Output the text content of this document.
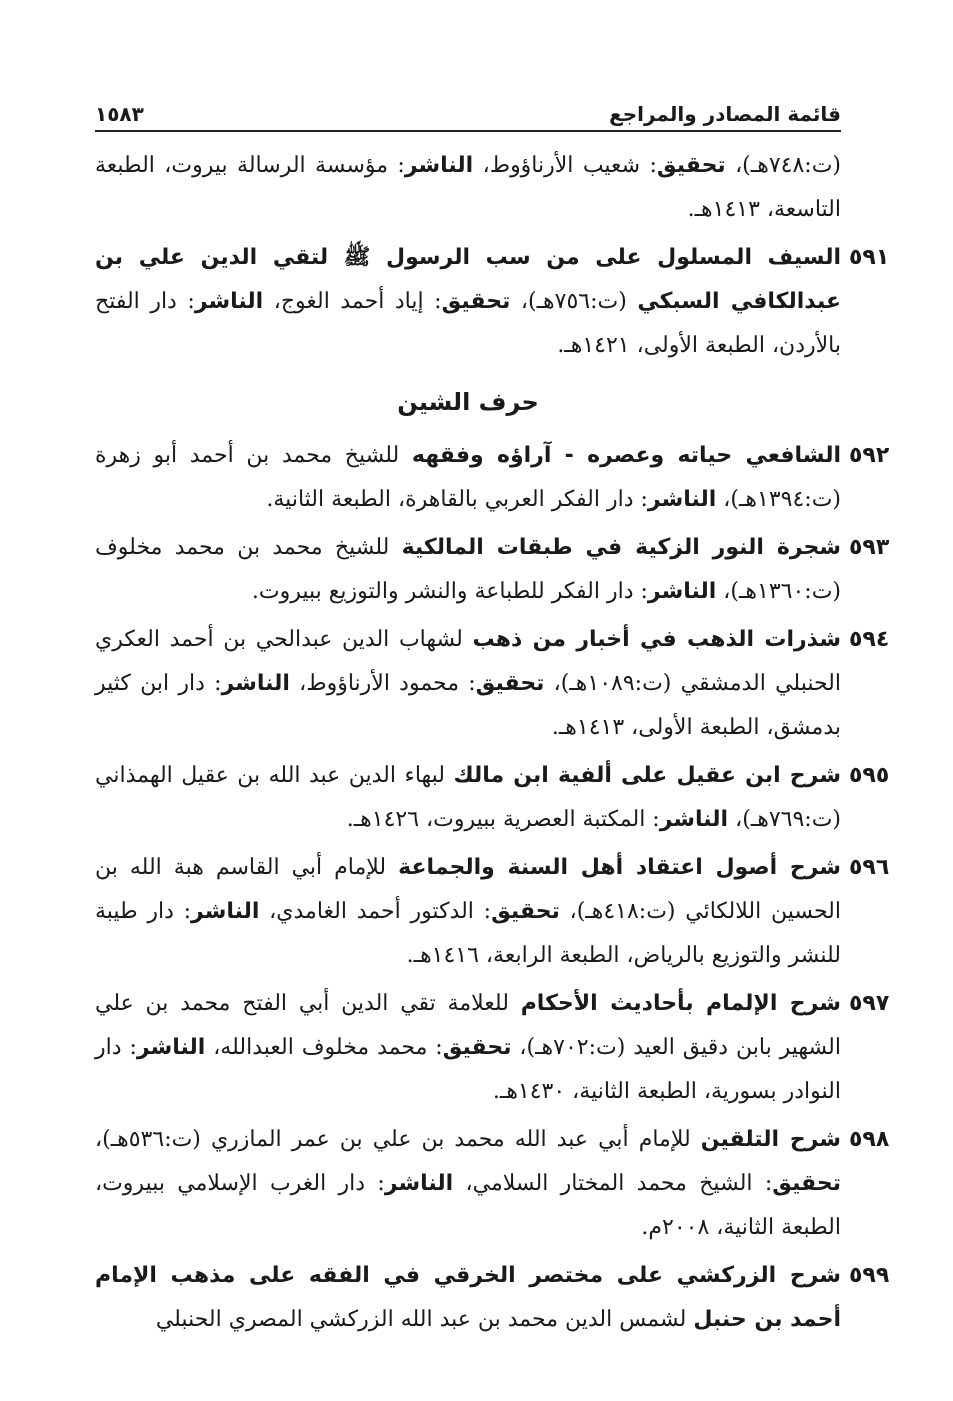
قائمة المصادر والمراجع
١٥٨٣

(ت:٧٤٨هـ)، تحقيق: شعيب الأرناؤوط، الناشر: مؤسسة الرسالة بيروت، الطبعة التاسعة، ١٤١٣هـ.

٥٩١

السيف المسلول على من سب الرسول ﷺ لتقي الدين علي بن عبدالكافي السبكي (ت:٧٥٦هـ)، تحقيق: إياد أحمد الغوج، الناشر: دار الفتح بالأردن، الطبعة الأولى، ١٤٢١هـ.

حرف الشين
٥٩٢

الشافعي حياته وعصره - آراؤه وفقهه للشيخ محمد بن أحمد أبو زهرة (ت:١٣٩٤هـ)، الناشر: دار الفكر العربي بالقاهرة، الطبعة الثانية.

٥٩٣

شجرة النور الزكية في طبقات المالكية للشيخ محمد بن محمد مخلوف (ت:١٣٦٠هـ)، الناشر: دار الفكر للطباعة والنشر والتوزيع ببيروت.

٥٩٤

شذرات الذهب في أخبار من ذهب لشهاب الدين عبدالحي بن أحمد العكري الحنبلي الدمشقي (ت:١٠٨٩هـ)، تحقيق: محمود الأرناؤوط، الناشر: دار ابن كثير بدمشق، الطبعة الأولى، ١٤١٣هـ.

٥٩٥

شرح ابن عقيل على ألفية ابن مالك لبهاء الدين عبد الله بن عقيل الهمذاني (ت:٧٦٩هـ)، الناشر: المكتبة العصرية ببيروت، ١٤٢٦هـ.

٥٩٦

شرح أصول اعتقاد أهل السنة والجماعة للإمام أبي القاسم هبة الله بن الحسين اللالكائي (ت:٤١٨هـ)، تحقيق: الدكتور أحمد الغامدي، الناشر: دار طيبة للنشر والتوزيع بالرياض، الطبعة الرابعة، ١٤١٦هـ.

٥٩٧

شرح الإلمام بأحاديث الأحكام للعلامة تقي الدين أبي الفتح محمد بن علي الشهير بابن دقيق العيد (ت:٧٠٢هـ)، تحقيق: محمد مخلوف العبدالله، الناشر: دار النوادر بسورية، الطبعة الثانية، ١٤٣٠هـ.

٥٩٨

شرح التلقين للإمام أبي عبد الله محمد بن علي بن عمر المازري (ت:٥٣٦هـ)، تحقيق: الشيخ محمد المختار السلامي، الناشر: دار الغرب الإسلامي ببيروت، الطبعة الثانية، ٢٠٠٨م.

٥٩٩

شرح الزركشي على مختصر الخرقي في الفقه على مذهب الإمام أحمد بن حنبل لشمس الدين محمد بن عبد الله الزركشي المصري الحنبلي
